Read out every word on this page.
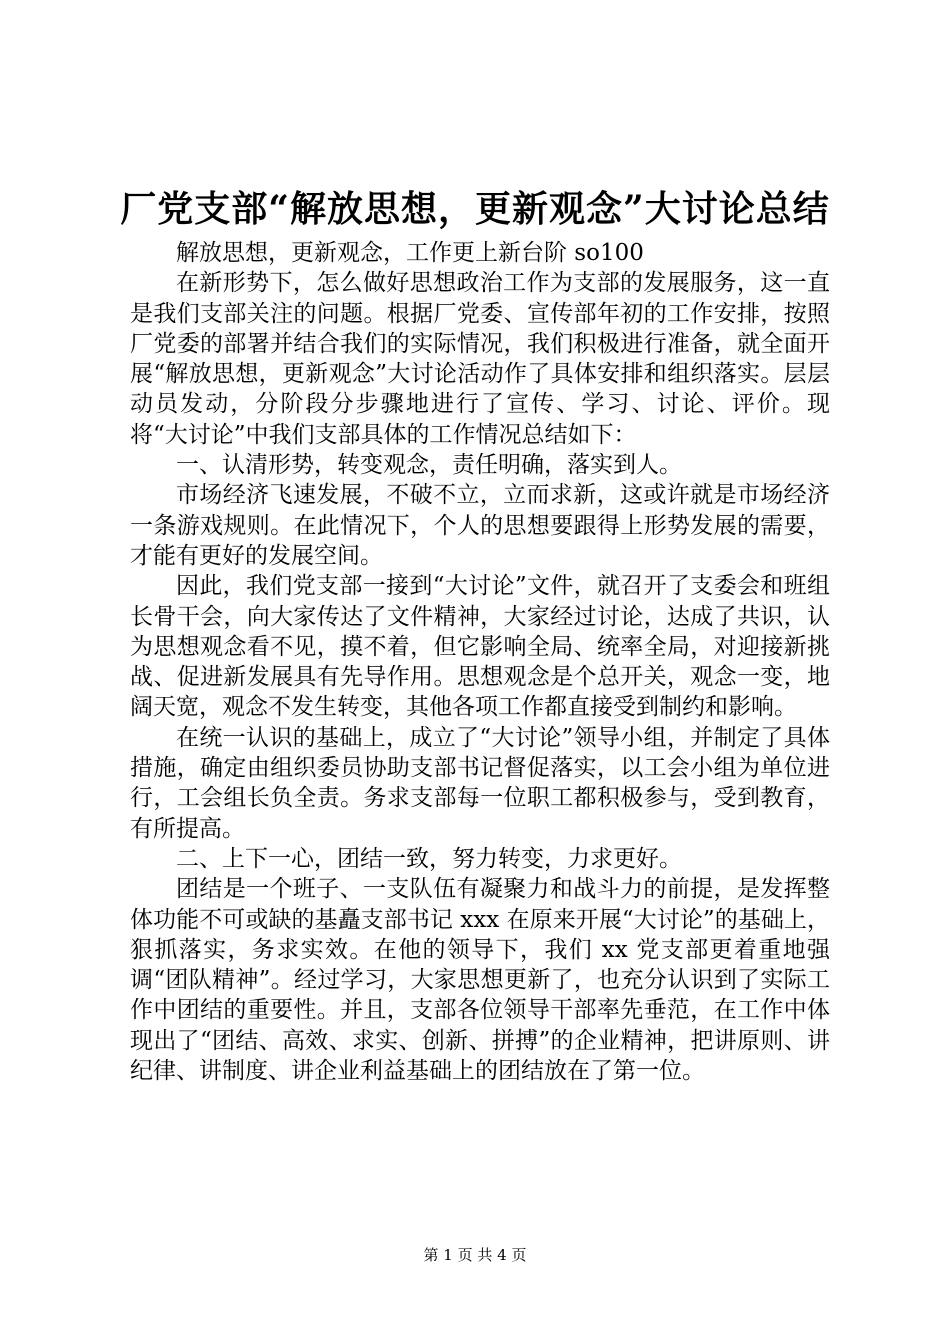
厂党支部“解放思想，更新观念”大讨论总结

解放思想，更新观念，工作更上新台阶 so100

在新形势下，怎么做好思想政治工作为支部的发展服务，这一直是我们支部关注的问题。根据厂党委、宣传部年初的工作安排，按照厂党委的部署并结合我们的实际情况，我们积极进行准备，就全面开展“解放思想，更新观念”大讨论活动作了具体安排和组织落实。层层动员发动，分阶段分步骤地进行了宣传、学习、讨论、评价。现将“大讨论”中我们支部具体的工作情况总结如下：

一、认清形势，转变观念，责任明确，落实到人。

市场经济飞速发展，不破不立，立而求新，这或许就是市场经济一条游戏规则。在此情况下，个人的思想要跟得上形势发展的需要，才能有更好的发展空间。

因此，我们党支部一接到“大讨论”文件，就召开了支委会和班组长骨干会，向大家传达了文件精神，大家经过讨论，达成了共识，认为思想观念看不见，摸不着，但它影响全局、统率全局，对迎接新挑战、促进新发展具有先导作用。思想观念是个总开关，观念一变，地阔天宽，观念不发生转变，其他各项工作都直接受到制约和影响。

在统一认识的基础上，成立了“大讨论”领导小组，并制定了具体措施，确定由组织委员协助支部书记督促落实，以工会小组为单位进行，工会组长负全责。务求支部每一位职工都积极参与，受到教育，有所提高。

二、上下一心，团结一致，努力转变，力求更好。

团结是一个班子、一支队伍有凝聚力和战斗力的前提，是发挥整体功能不可或缺的基矗支部书记 xxx 在原来开展“大讨论”的基础上，狠抓落实，务求实效。在他的领导下，我们 xx 党支部更着重地强调“团队精神”。经过学习，大家思想更新了，也充分认识到了实际工作中团结的重要性。并且，支部各位领导干部率先垂范，在工作中体现出了“团结、高效、求实、创新、拼搏”的企业精神，把讲原则、讲纪律、讲制度、讲企业利益基础上的团结放在了第一位。

第 1 页 共 4 页
